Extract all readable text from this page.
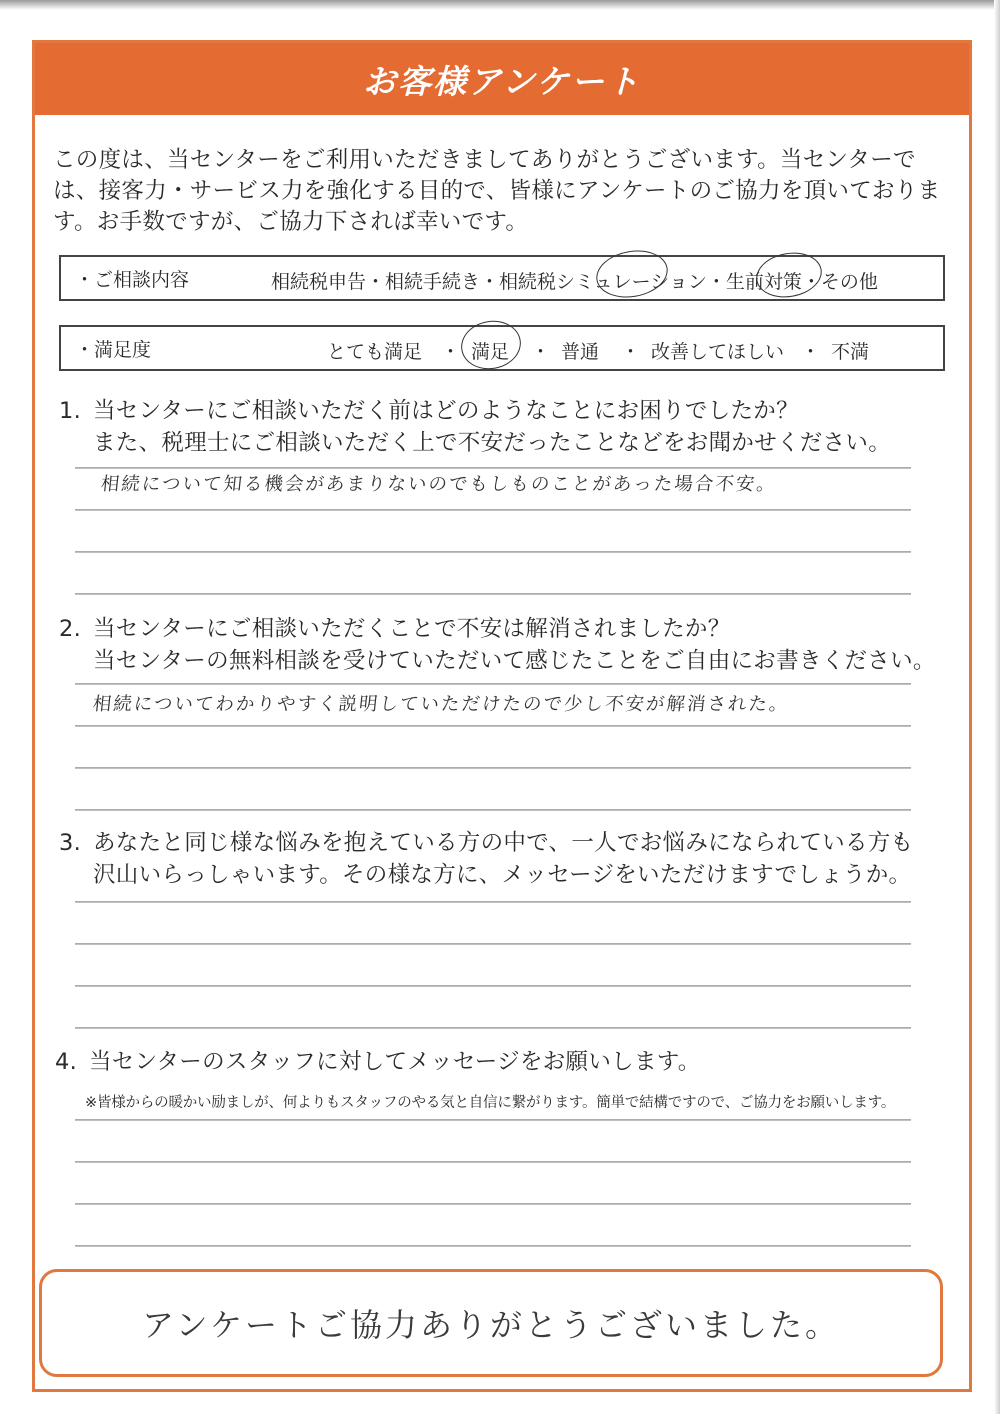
お客様アンケート

この度は、当センターをご利用いただきましてありがとうございます。当センターでは、接客力・サービス力を強化する目的で、皆様にアンケートのご協力を頂いております。お手数ですが、ご協力下されば幸いです。

・ご相談内容	相続税申告・相続手続き・相続税シミュレーション・生前対策・その他
・満足度	とても満足 ・ 満足 ・ 普通 ・ 改善してほしい ・ 不満
1. 当センターにご相談いただく前はどのようなことにお困りでしたか？
また、税理士にご相談いただく上で不安だったことなどをお聞かせください。
相続について知る機会があまりないのでもしものことがあった場合不安。
2. 当センターにご相談いただくことで不安は解消されましたか？
当センターの無料相談を受けていただいて感じたことをご自由にお書きください。
相続についてわかりやすく説明していただけたので少し不安が解消された。
3. あなたと同じ様な悩みを抱えている方の中で、一人でお悩みになられている方も
沢山いらっしゃいます。その様な方に、メッセージをいただけますでしょうか。
4. 当センターのスタッフに対してメッセージをお願いします。
※皆様からの暖かい励ましが、何よりもスタッフのやる気と自信に繋がります。簡単で結構ですので、ご協力をお願いします。
アンケートご協力ありがとうございました。
